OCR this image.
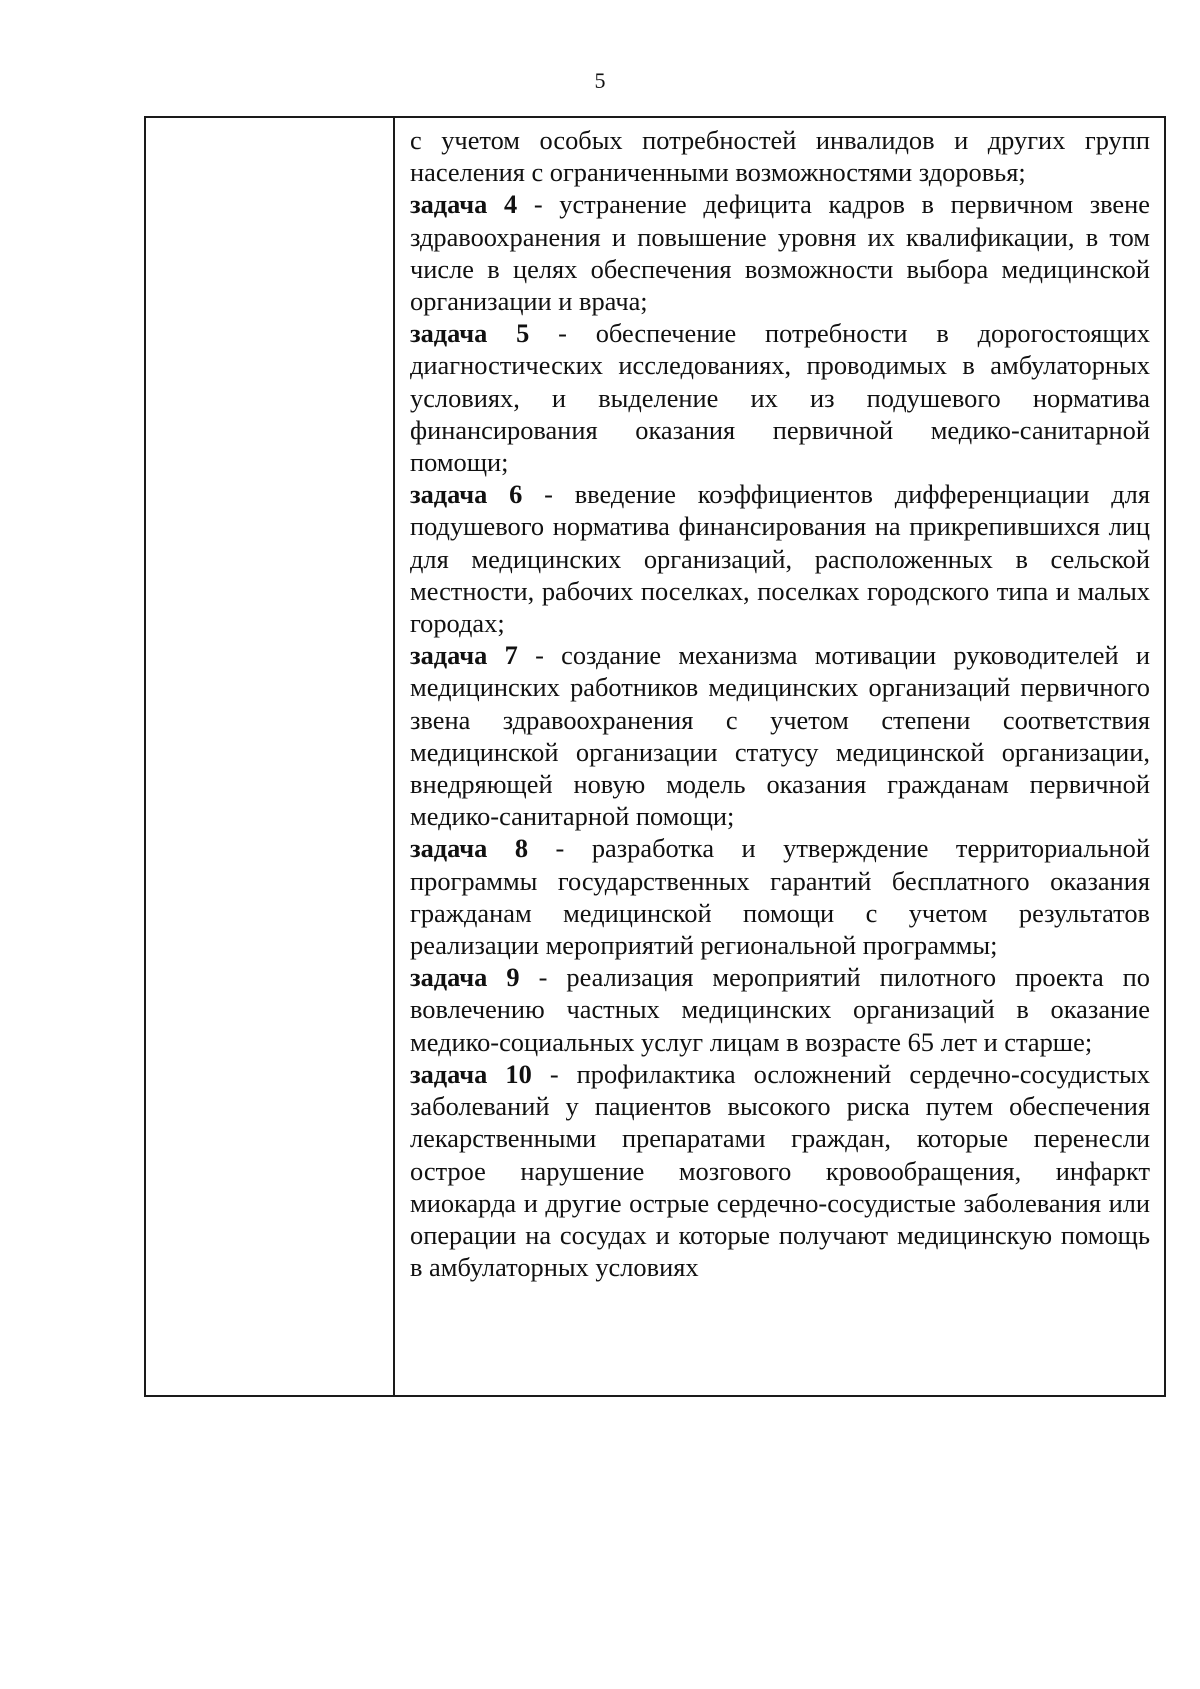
5

с учетом особых потребностей инвалидов и других групп населения с ограниченными возможностями здоровья;

задача 4 - устранение дефицита кадров в первичном звене здравоохранения и повышение уровня их квалификации, в том числе в целях обеспечения возможности выбора медицинской организации и врача;

задача 5 - обеспечение потребности в дорогостоящих диагностических исследованиях, проводимых в амбулаторных условиях, и выделение их из подушевого норматива финансирования оказания первичной медико-санитарной помощи;

задача 6 - введение коэффициентов дифференциации для подушевого норматива финансирования на прикрепившихся лиц для медицинских организаций, расположенных в сельской местности, рабочих поселках, поселках городского типа и малых городах;

задача 7 - создание механизма мотивации руководителей и медицинских работников медицинских организаций первичного звена здравоохранения с учетом степени соответствия медицинской организации статусу медицинской организации, внедряющей новую модель оказания гражданам первичной медико-санитарной помощи;

задача 8 - разработка и утверждение территориальной программы государственных гарантий бесплатного оказания гражданам медицинской помощи с учетом результатов реализации мероприятий региональной программы;

задача 9 - реализация мероприятий пилотного проекта по вовлечению частных медицинских организаций в оказание медико-социальных услуг лицам в возрасте 65 лет и старше;

задача 10 - профилактика осложнений сердечно-сосудистых заболеваний у пациентов высокого риска путем обеспечения лекарственными препаратами граждан, которые перенесли острое нарушение мозгового кровообращения, инфаркт миокарда и другие острые сердечно-сосудистые заболевания или операции на сосудах и которые получают медицинскую помощь в амбулаторных условиях
